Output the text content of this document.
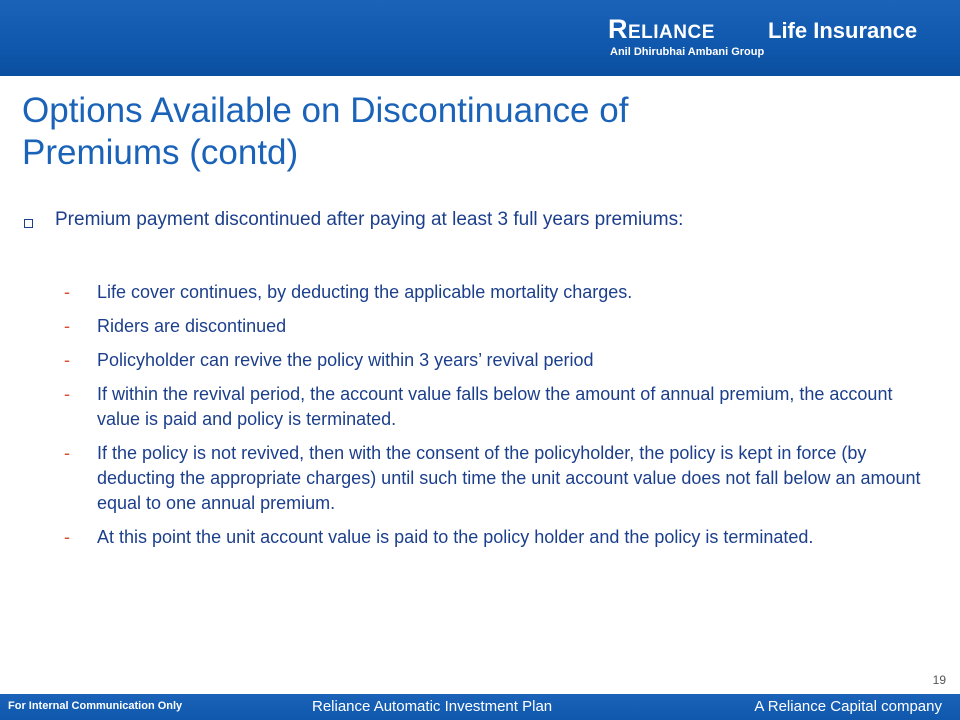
Reliance Life Insurance
Anil Dhirubhai Ambani Group
Options Available on Discontinuance of
Premiums (contd)
Premium payment discontinued after paying at least 3 full years premiums:
-	Life cover continues, by deducting the applicable mortality charges.
-	Riders are discontinued
-	Policyholder can revive the policy within 3 years’ revival period
-	If within the revival period, the account value falls below the amount of annual premium, the account value is paid and policy is terminated.
-	If the policy is not revived, then with the consent of the policyholder, the policy is kept in force (by deducting the appropriate charges) until such time the unit account value does not fall below an amount equal to one annual premium.
-	At this point the unit account value is paid to the policy holder and the policy is terminated.
19
For Internal Communication Only	Reliance Automatic Investment Plan	A Reliance Capital company
